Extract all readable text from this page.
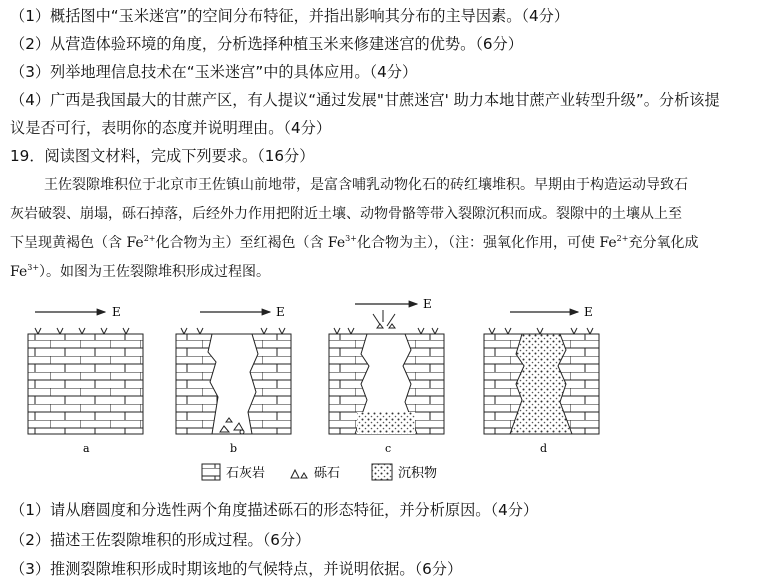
（1）概括图中“玉米迷宫”的空间分布特征，并指出影响其分布的主导因素。（4分）
（2）从营造体验环境的角度，分析选择种植玉米来修建迷宫的优势。（6分）
（3）列举地理信息技术在“玉米迷宫”中的具体应用。（4分）
（4）广西是我国最大的甘蔗产区，有人提议“通过发展"甘蔗迷宫' 助力本地甘蔗产业转型升级”。分析该提
议是否可行，表明你的态度并说明理由。（4分）
19．阅读图文材料，完成下列要求。（16分）
王佐裂隙堆积位于北京市王佐镇山前地带，是富含哺乳动物化石的砖红壤堆积。早期由于构造运动导致石
灰岩破裂、崩塌，砾石掉落，后经外力作用把附近土壤、动物骨骼等带入裂隙沉积而成。裂隙中的土壤从上至
下呈现黄褐色（含 $Fe^{2+}$化合物为主）至红褐色（含 $Fe^{3+}$化合物为主），（注：强氧化作用，可使 $Fe^{2+}$充分氧化成
$Fe^{3+}$）。如图为王佐裂隙堆积形成过程图。
E
a
E
b
E
c
E
d
石灰岩	砾石	沉积物
（1）请从磨圆度和分选性两个角度描述砾石的形态特征，并分析原因。（4分）
（2）描述王佐裂隙堆积的形成过程。（6分）
（3）推测裂隙堆积形成时期该地的气候特点，并说明依据。（6分）
